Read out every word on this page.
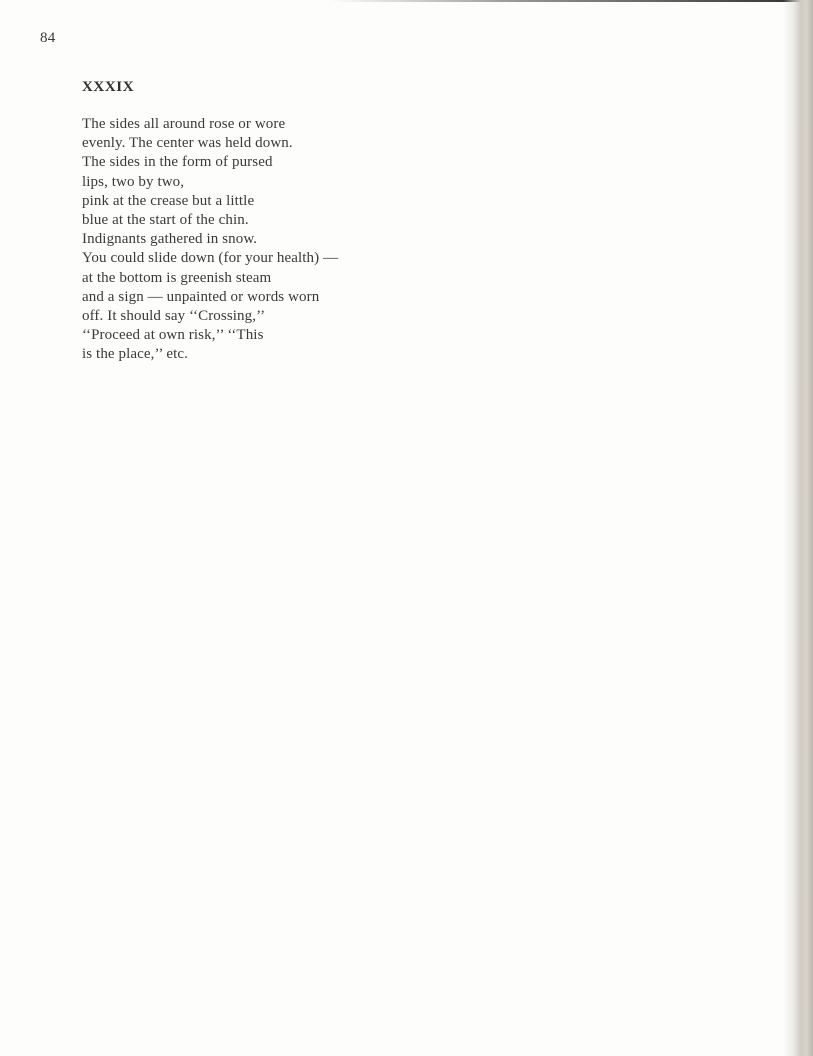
84
XXXIX
The sides all around rose or wore
evenly. The center was held down.
The sides in the form of pursed
lips, two by two,
pink at the crease but a little
blue at the start of the chin.
Indignants gathered in snow.
You could slide down (for your health) —
at the bottom is greenish steam
and a sign — unpainted or words worn
off. It should say ‘‘Crossing,’’
‘‘Proceed at own risk,’’ ‘‘This
is the place,’’ etc.
